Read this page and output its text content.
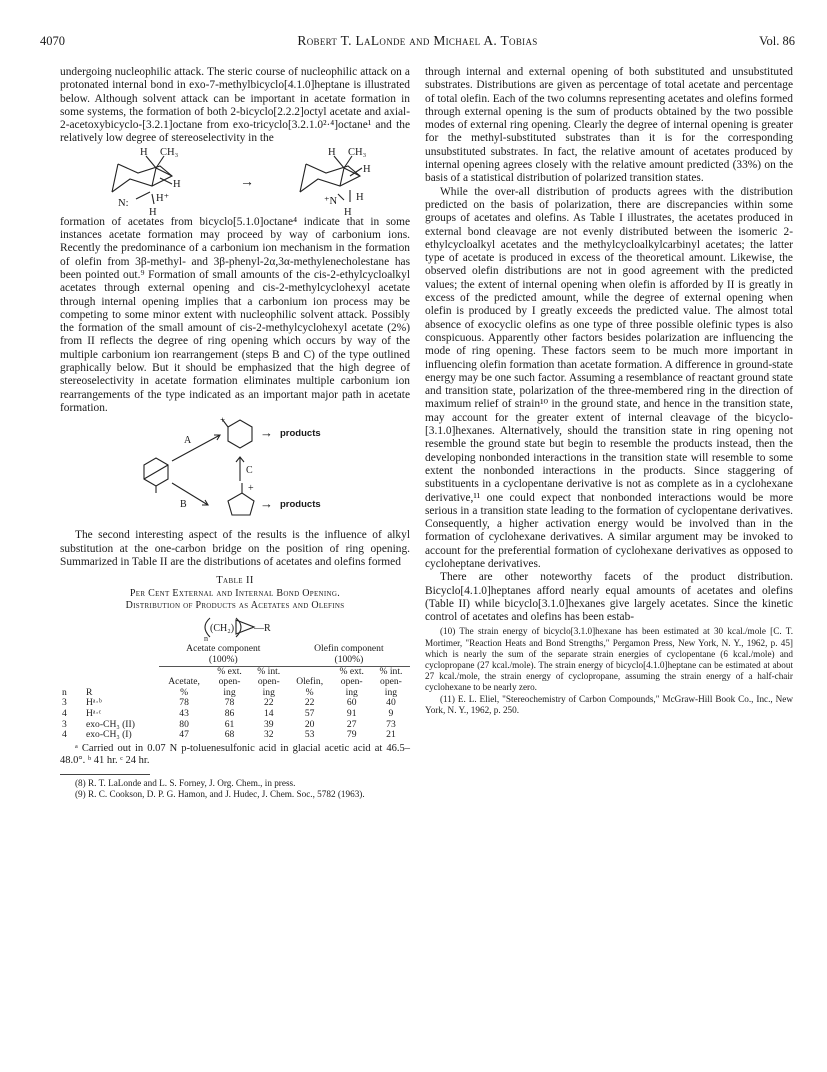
4070	Robert T. LaLonde and Michael A. Tobias	Vol. 86

undergoing nucleophilic attack. The steric course of nucleophilic attack on a protonated internal bond in exo-7-methylbicyclo[4.1.0]heptane is illustrated below. Although solvent attack can be important in acetate formation in some systems, the formation of both 2-bicyclo[2.2.2]octyl acetate and axial-2-acetoxybicyclo-[3.2.1]octane from exo-tricyclo[3.2.1.0²·⁴]octane¹ and the relatively low degree of stereoselectivity in the

H CH₃
H
N:	H⁺
H
→
H CH₃
H
⁺N H
H

formation of acetates from bicyclo[5.1.0]octane⁴ indicate that in some instances acetate formation may proceed by way of carbonium ions. Recently the predominance of a carbonium ion mechanism in the formation of olefin from 3β-methyl- and 3β-phenyl-2α,3α-methylenecholestane has been pointed out.⁹ Formation of small amounts of the cis-2-ethylcycloalkyl acetates through external opening and cis-2-methylcyclohexyl acetate through internal opening implies that a carbonium ion process may be competing to some minor extent with nucleophilic solvent attack. Possibly the formation of the small amount of cis-2-methylcyclohexyl acetate (2%) from II reflects the degree of ring opening which occurs by way of the multiple carbonium ion rearrangement (steps B and C) of the type outlined graphically below. But it should be emphasized that the high degree of stereoselectivity in acetate formation eliminates multiple carbonium ion rearrangements of the type indicated as an important major path in acetate formation.

A
C
B
+
+
→ products
→ products

The second interesting aspect of the results is the influence of alkyl substitution at the one-carbon bridge on the position of ring opening. Summarized in Table II are the distributions of acetates and olefins formed

Table II
Per Cent External and Internal Bond Opening.
Distribution of Products as Acetates and Olefins
(CH₂)
n
—R
		Acetate component			Olefin component		
		(100%)			(100%)		
			% ext.	% int.		% ext.	% int.
		Acetate,	open-	open-	Olefin,	open-	open-
n	R	%	ing	ing	%	ing	ing
3	Hᵃ·ᵇ	78	78	22	22	60	40
4	Hᵃ·ᶜ	43	86	14	57	91	9
3	exo-CH₃ (II)	80	61	39	20	27	73
4	exo-CH₃ (I)	47	68	32	53	79	21

ᵃ Carried out in 0.07 N p-toluenesulfonic acid in glacial acetic acid at 46.5–48.0°. ᵇ 41 hr. ᶜ 24 hr.

(8) R. T. LaLonde and L. S. Forney, J. Org. Chem., in press.

(9) R. C. Cookson, D. P. G. Hamon, and J. Hudec, J. Chem. Soc., 5782 (1963).

through internal and external opening of both substituted and unsubstituted substrates. Distributions are given as percentage of total acetate and percentage of total olefin. Each of the two columns representing acetates and olefins formed through external opening is the sum of products obtained by the two possible modes of external ring opening. Clearly the degree of internal opening is greater for the methyl-substituted substrates than it is for the corresponding unsubstituted substrates. In fact, the relative amount of acetates produced by internal opening agrees closely with the relative amount predicted (33%) on the basis of a statistical distribution of polarized transition states.

While the over-all distribution of products agrees with the distribution predicted on the basis of polarization, there are discrepancies within some groups of acetates and olefins. As Table I illustrates, the acetates produced in external bond cleavage are not evenly distributed between the isomeric 2-ethylcycloalkyl acetates and the methylcycloalkylcarbinyl acetates; the latter type of acetate is produced in excess of the theoretical amount. Likewise, the observed olefin distributions are not in good agreement with the predicted values; the extent of internal opening when olefin is afforded by II is greatly in excess of the predicted amount, while the degree of external opening when olefin is produced by I greatly exceeds the predicted value. The almost total absence of exocyclic olefins as one type of three possible olefinic types is also conspicuous. Apparently other factors besides polarization are influencing the mode of ring opening. These factors seem to be much more important in influencing olefin formation than acetate formation. A difference in ground-state energy may be one such factor. Assuming a resemblance of reactant ground state and transition state, polarization of the three-membered ring in the direction of maximum relief of strain¹⁰ in the ground state, and hence in the transition state, may account for the greater extent of internal cleavage of the bicyclo-[3.1.0]hexanes. Alternatively, should the transition state in ring opening not resemble the ground state but begin to resemble the products instead, then the developing nonbonded interactions in the transition state will resemble to some extent the nonbonded interactions in the products. Since staggering of substituents in a cyclopentane derivative is not as complete as in a cyclohexane derivative,¹¹ one could expect that nonbonded interactions would be more serious in a transition state leading to the formation of cyclopentane derivatives. Consequently, a higher activation energy would be involved than in the formation of cyclohexane derivatives. A similar argument may be invoked to account for the preferential formation of cyclohexane derivatives as opposed to cycloheptane derivatives.

There are other noteworthy facets of the product distribution. Bicyclo[4.1.0]heptanes afford nearly equal amounts of acetates and olefins (Table II) while bicyclo[3.1.0]hexanes give largely acetates. Since the kinetic control of acetates and olefins has been estab-

(10) The strain energy of bicyclo[3.1.0]hexane has been estimated at 30 kcal./mole [C. T. Mortimer, "Reaction Heats and Bond Strengths," Pergamon Press, New York, N. Y., 1962, p. 45] which is nearly the sum of the separate strain energies of cyclopentane (6 kcal./mole) and cyclopropane (27 kcal./mole). The strain energy of bicyclo[4.1.0]heptane can be estimated at about 27 kcal./mole, the strain energy of cyclopropane, assuming the strain energy of a half-chair cyclohexane to be nearly zero.

(11) E. L. Eliel, "Stereochemistry of Carbon Compounds," McGraw-Hill Book Co., Inc., New York, N. Y., 1962, p. 250.
